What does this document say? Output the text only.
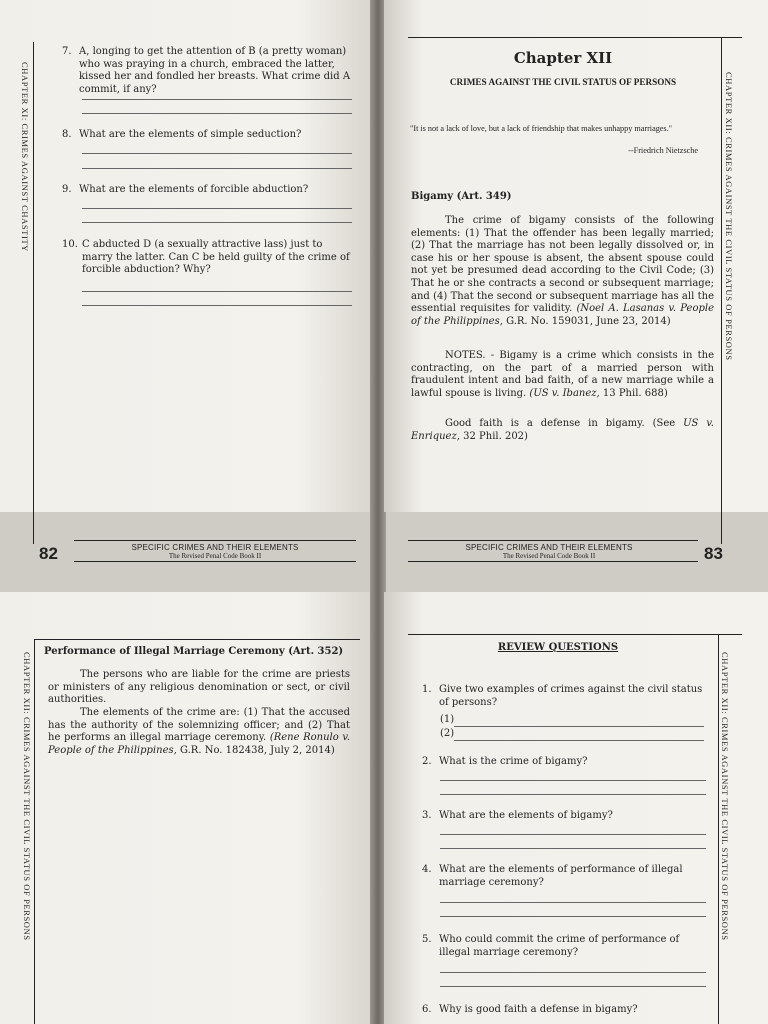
CHAPTER XI: CRIMES AGAINST CHASTITY
7. A, longing to get the attention of B (a pretty woman) who was praying in a church, embraced the latter, kissed her and fondled her breasts. What crime did A commit, if any?
8. What are the elements of simple seduction?
9. What are the elements of forcible abduction?
10. C abducted D (a sexually attractive lass) just to marry the latter. Can C be held guilty of the crime of forcible abduction? Why?
SPECIFIC CRIMES AND THEIR ELEMENTS
The Revised Penal Code Book II
82
Chapter XII
CRIMES AGAINST THE CIVIL STATUS OF PERSONS
"It is not a lack of love, but a lack of friendship that makes unhappy marriages."
--Friedrich Nietzsche
Bigamy (Art. 349)
The crime of bigamy consists of the following elements: (1) That the offender has been legally married; (2) That the marriage has not been legally dissolved or, in case his or her spouse is absent, the absent spouse could not yet be presumed dead according to the Civil Code; (3) That he or she contracts a second or subsequent marriage; and (4) That the second or subsequent marriage has all the essential requisites for validity. (Noel A. Lasanas v. People of the Philippines, G.R. No. 159031, June 23, 2014)
NOTES. - Bigamy is a crime which consists in the contracting, on the part of a married person with fraudulent intent and bad faith, of a new marriage while a lawful spouse is living. (US v. Ibanez, 13 Phil. 688)
Good faith is a defense in bigamy. (See US v. Enriquez, 32 Phil. 202)
CHAPTER XII: CRIMES AGAINST THE CIVIL STATUS OF PERSONS
SPECIFIC CRIMES AND THEIR ELEMENTS
The Revised Penal Code Book II	83
Performance of Illegal Marriage Ceremony (Art. 352)
The persons who are liable for the crime are priests or ministers of any religious denomination or sect, or civil authorities.
The elements of the crime are: (1) That the accused has the authority of the solemnizing officer; and (2) That he performs an illegal marriage ceremony. (Rene Ronulo v. People of the Philippines, G.R. No. 182438, July 2, 2014)
CHAPTER XII: CRIMES AGAINST THE CIVIL STATUS OF PERSONS
REVIEW QUESTIONS
1. Give two examples of crimes against the civil status of persons?
(1)
(2)
2. What is the crime of bigamy?
3. What are the elements of bigamy?
4. What are the elements of performance of illegal marriage ceremony?
5. Who could commit the crime of performance of illegal marriage ceremony?
6. Why is good faith a defense in bigamy?
CHAPTER XII: CRIMES AGAINST THE CIVIL STATUS OF PERSONS
